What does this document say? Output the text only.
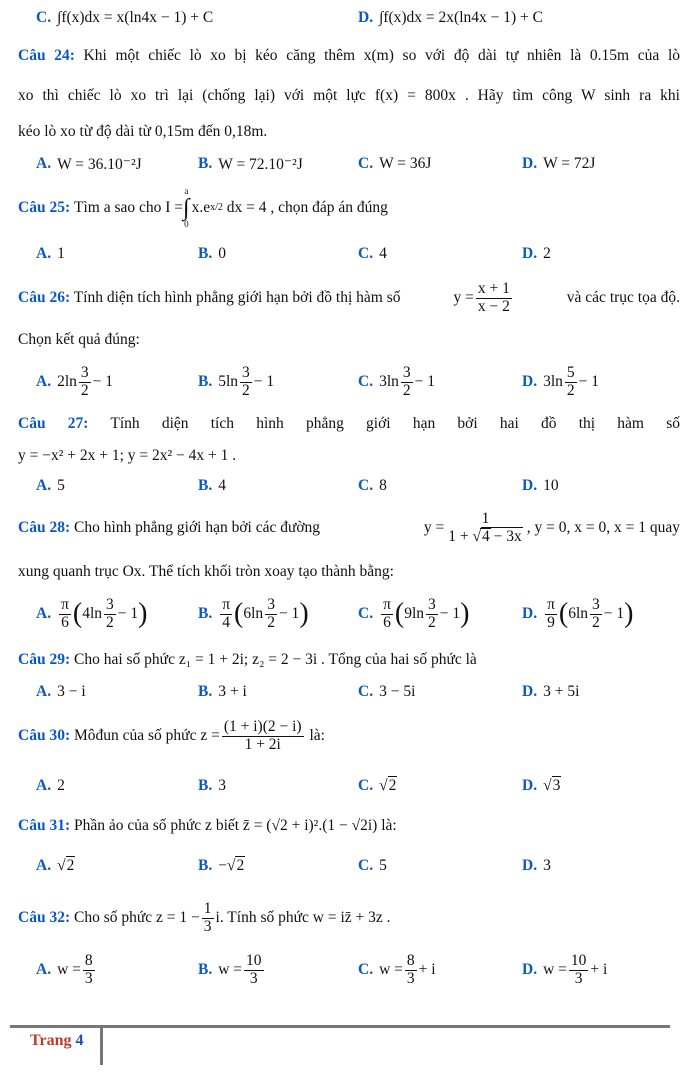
C. ∫f(x)dx = x(ln4x − 1) + C	D. ∫f(x)dx = 2x(ln4x − 1) + C
Câu 24: Khi một chiếc lò xo bị kéo căng thêm x(m) so với độ dài tự nhiên là 0.15m của lò
xo thì chiếc lò xo trì lại (chống lại) với một lực f(x) = 800x . Hãy tìm công W sinh ra khi
kéo lò xo từ độ dài từ 0,15m đến 0,18m.
A. W = 36.10⁻²J	B. W = 72.10⁻²J	C. W = 36J	D. W = 72J
Câu 25:
Tìm a sao cho
I =
a
∫
0
x.e x/2
dx = 4 , chọn đáp án đúng
A. 1	B. 0	C. 4	D. 2
Câu 26: Tính diện tích hình phẳng giới hạn bởi đồ thị hàm số	$y = \frac{x + 1}{x - 2}$	và các trục tọa độ.
Chọn kết quả đúng:
A. $2\ln \frac{3}{2} - 1$	B. $5\ln \frac{3}{2} - 1$	C. $3\ln \frac{3}{2} - 1$	D. $3\ln \frac{5}{2} - 1$
Câu 27: Tính diện tích hình phẳng giới hạn bởi hai đồ thị hàm số
y = −x² + 2x + 1; y = 2x² − 4x + 1 .
A. 5	B. 4	C. 8	D. 10
Câu 28: Cho hình phẳng giới hạn bởi các đường	$y = \frac{1}{1 + √4 - 3x}$ , y = 0, x = 0, x = 1 quay
xung quanh trục Ox. Thể tích khối tròn xoay tạo thành bằng:
A. $\frac{\pi}{6}$ ( $4\ln \frac{3}{2} - 1$ )	B. $\frac{\pi}{4}$ ( $6\ln \frac{3}{2} - 1$ )	C. $\frac{\pi}{6}$ ( $9\ln \frac{3}{2} - 1$ )	D. $\frac{\pi}{9}$ ( $6\ln \frac{3}{2} - 1$ )
Câu 29: Cho hai số phức z₁ = 1 + 2i; z₂ = 2 − 3i . Tổng của hai số phức là
A. 3 − i	B. 3 + i	C. 3 − 5i	D. 3 + 5i
Câu 30:
Môđun của số phức
$z = \frac{(1 + i)(2 - i)}{1 + 2i}$
là:
A. 2	B. 3	C. √2	D. √3
Câu 31: Phần ảo của số phức z biết z̄ = (√2 + i)².(1 − √2i) là:
A. √2	B. − √2	C. 5	D. 3
Câu 32:
Cho số phức
$z = 1 - \frac{1}{3}$ i . Tính số phức w = iz̄ + 3z .
A. $w = \frac{8}{3}$	B. $w = \frac{10}{3}$	C. $w = \frac{8}{3} + i$	D. $w = \frac{10}{3} + i$
Trang 4
